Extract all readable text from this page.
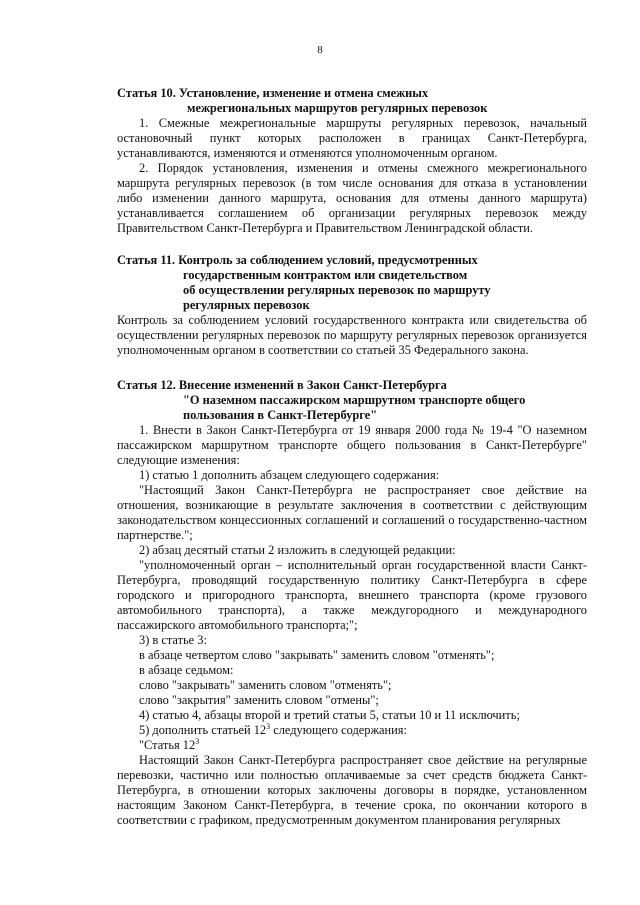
8
Статья 10. Установление, изменение и отмена смежных
межрегиональных маршрутов регулярных перевозок
1. Смежные межрегиональные маршруты регулярных перевозок, начальный остановочный пункт которых расположен в границах Санкт-Петербурга, устанавливаются, изменяются и отменяются уполномоченным органом.
2. Порядок установления, изменения и отмены смежного межрегионального маршрута регулярных перевозок (в том числе основания для отказа в установлении либо изменении данного маршрута, основания для отмены данного маршрута) устанавливается соглашением об организации регулярных перевозок между Правительством Санкт-Петербурга и Правительством Ленинградской области.
Статья 11. Контроль за соблюдением условий, предусмотренных
государственным контрактом или свидетельством
об осуществлении регулярных перевозок по маршруту
регулярных перевозок
Контроль за соблюдением условий государственного контракта или свидетельства об осуществлении регулярных перевозок по маршруту регулярных перевозок организуется уполномоченным органом в соответствии со статьей 35 Федерального закона.
Статья 12. Внесение изменений в Закон Санкт-Петербурга
"О наземном пассажирском маршрутном транспорте общего
пользования в Санкт-Петербурге"
1. Внести в Закон Санкт-Петербурга от 19 января 2000 года № 19-4 "О наземном пассажирском маршрутном транспорте общего пользования в Санкт-Петербурге" следующие изменения:
1) статью 1 дополнить абзацем следующего содержания:
"Настоящий Закон Санкт-Петербурга не распространяет свое действие на отношения, возникающие в результате заключения в соответствии с действующим законодательством концессионных соглашений и соглашений о государственно-частном партнерстве.";
2) абзац десятый статьи 2 изложить в следующей редакции:
"уполномоченный орган – исполнительный орган государственной власти Санкт-Петербурга, проводящий государственную политику Санкт-Петербурга в сфере городского и пригородного транспорта, внешнего транспорта (кроме грузового автомобильного транспорта), а также междугородного и международного пассажирского автомобильного транспорта;";
3) в статье 3:
в абзаце четвертом слово "закрывать" заменить словом "отменять";
в абзаце седьмом:
слово "закрывать" заменить словом "отменять";
слово "закрытия" заменить словом "отмены";
4) статью 4, абзацы второй и третий статьи 5, статьи 10 и 11 исключить;
5) дополнить статьей $12^3$ следующего содержания:
"Статья $12^3$
Настоящий Закон Санкт-Петербурга распространяет свое действие на регулярные перевозки, частично или полностью оплачиваемые за счет средств бюджета Санкт-Петербурга, в отношении которых заключены договоры в порядке, установленном настоящим Законом Санкт-Петербурга, в течение срока, по окончании которого в соответствии с графиком, предусмотренным документом планирования регулярных
